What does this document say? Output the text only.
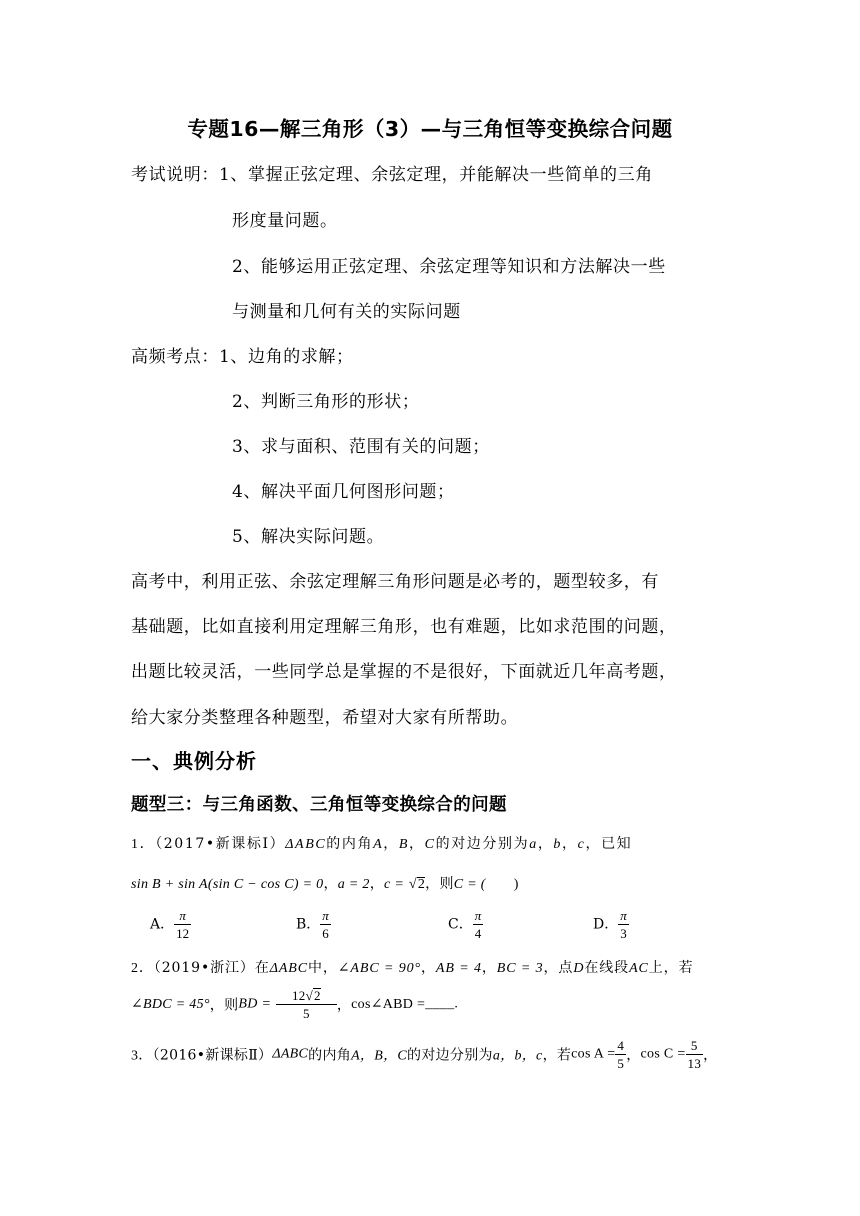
专题16—解三角形（3）—与三角恒等变换综合问题
考试说明：1、掌握正弦定理、余弦定理，并能解决一些简单的三角
形度量问题。
2、能够运用正弦定理、余弦定理等知识和方法解决一些
与测量和几何有关的实际问题
高频考点：1、边角的求解；
2、判断三角形的形状；
3、求与面积、范围有关的问题；
4、解决平面几何图形问题；
5、解决实际问题。
高考中，利用正弦、余弦定理解三角形问题是必考的，题型较多，有
基础题，比如直接利用定理解三角形，也有难题，比如求范围的问题，
出题比较灵活，一些同学总是掌握的不是很好，下面就近几年高考题，
给大家分类整理各种题型，希望对大家有所帮助。
一、典例分析
题型三：与三角函数、三角恒等变换综合的问题
1．（2017•新课标Ⅰ）ΔABC的内角A，B，C的对边分别为a，b，c，已知
sin B + sin A(sin C − cos C) = 0，a = 2，c = √2，则C = ( )
A． $\frac{\pi}{12}$	B． $\frac{\pi}{6}$	C． $\frac{\pi}{4}$	D． $\frac{\pi}{3}$
2．（2019•浙江）在ΔABC中，∠ABC = 90°，AB = 4，BC = 3，点D在线段AC上，若
∠BDC = 45°，则BD = $\frac{12√2}{5}$ ，cos∠ABD =____.
3．（2016•新课标Ⅱ）ΔABC的内角A，B，C的对边分别为a，b，c，若$\cos A = \frac{4}{5}$ ，$\cos C = \frac{5}{13}$ ，
